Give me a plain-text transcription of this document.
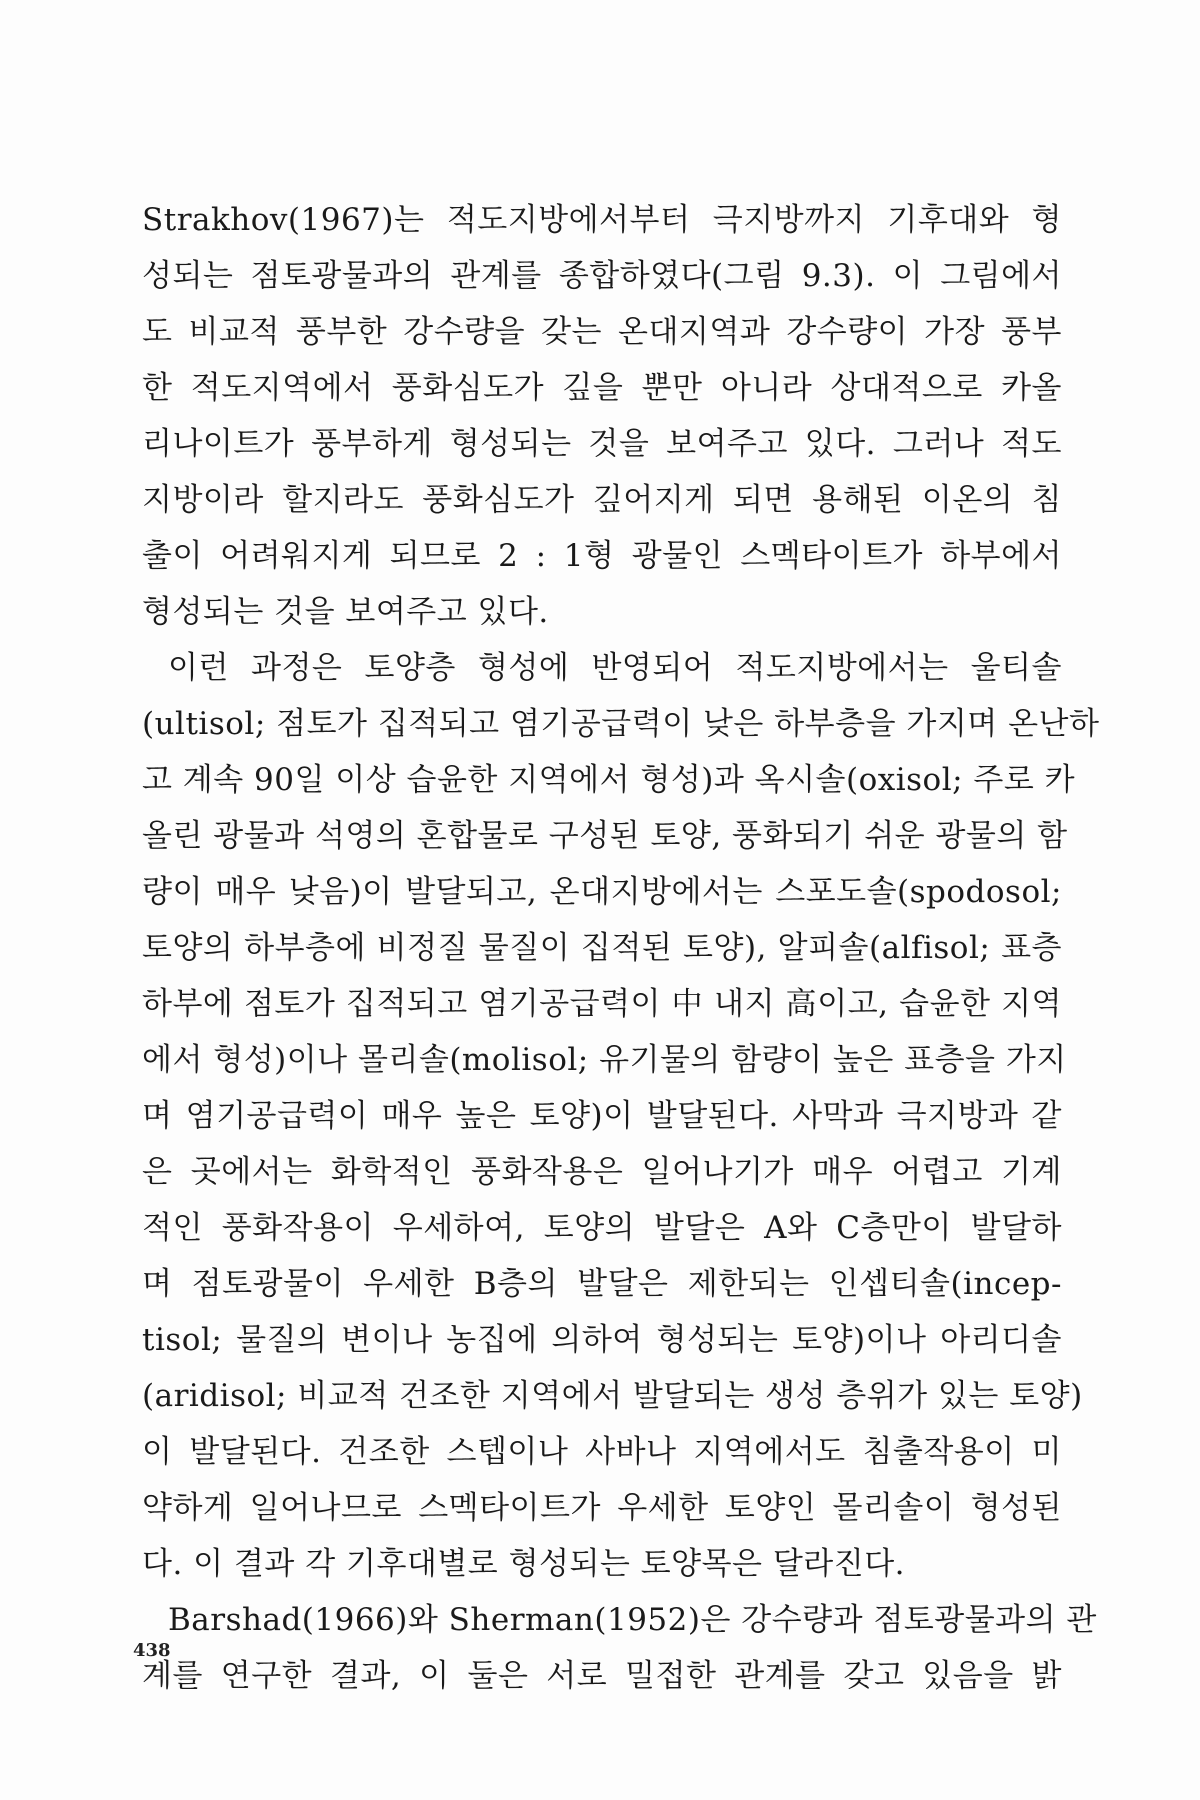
Strakhov(1967)는 적도지방에서부터 극지방까지 기후대와 형
성되는 점토광물과의 관계를 종합하였다(그림 9.3). 이 그림에서
도 비교적 풍부한 강수량을 갖는 온대지역과 강수량이 가장 풍부
한 적도지역에서 풍화심도가 깊을 뿐만 아니라 상대적으로 카올
리나이트가 풍부하게 형성되는 것을 보여주고 있다. 그러나 적도
지방이라 할지라도 풍화심도가 깊어지게 되면 용해된 이온의 침
출이 어려워지게 되므로 2 : 1형 광물인 스멕타이트가 하부에서
형성되는 것을 보여주고 있다.
이런 과정은 토양층 형성에 반영되어 적도지방에서는 울티솔
(ultisol; 점토가 집적되고 염기공급력이 낮은 하부층을 가지며 온난하
고 계속 90일 이상 습윤한 지역에서 형성)과 옥시솔(oxisol; 주로 카
올린 광물과 석영의 혼합물로 구성된 토양, 풍화되기 쉬운 광물의 함
량이 매우 낮음)이 발달되고, 온대지방에서는 스포도솔(spodosol;
토양의 하부층에 비정질 물질이 집적된 토양), 알피솔(alfisol; 표층
하부에 점토가 집적되고 염기공급력이 中 내지 高이고, 습윤한 지역
에서 형성)이나 몰리솔(molisol; 유기물의 함량이 높은 표층을 가지
며 염기공급력이 매우 높은 토양)이 발달된다. 사막과 극지방과 같
은 곳에서는 화학적인 풍화작용은 일어나기가 매우 어렵고 기계
적인 풍화작용이 우세하여, 토양의 발달은 A와 C층만이 발달하
며 점토광물이 우세한 B층의 발달은 제한되는 인셉티솔(incep-
tisol; 물질의 변이나 농집에 의하여 형성되는 토양)이나 아리디솔
(aridisol; 비교적 건조한 지역에서 발달되는 생성 층위가 있는 토양)
이 발달된다. 건조한 스텝이나 사바나 지역에서도 침출작용이 미
약하게 일어나므로 스멕타이트가 우세한 토양인 몰리솔이 형성된
다. 이 결과 각 기후대별로 형성되는 토양목은 달라진다.
Barshad(1966)와 Sherman(1952)은 강수량과 점토광물과의 관
계를 연구한 결과, 이 둘은 서로 밀접한 관계를 갖고 있음을 밝
438
